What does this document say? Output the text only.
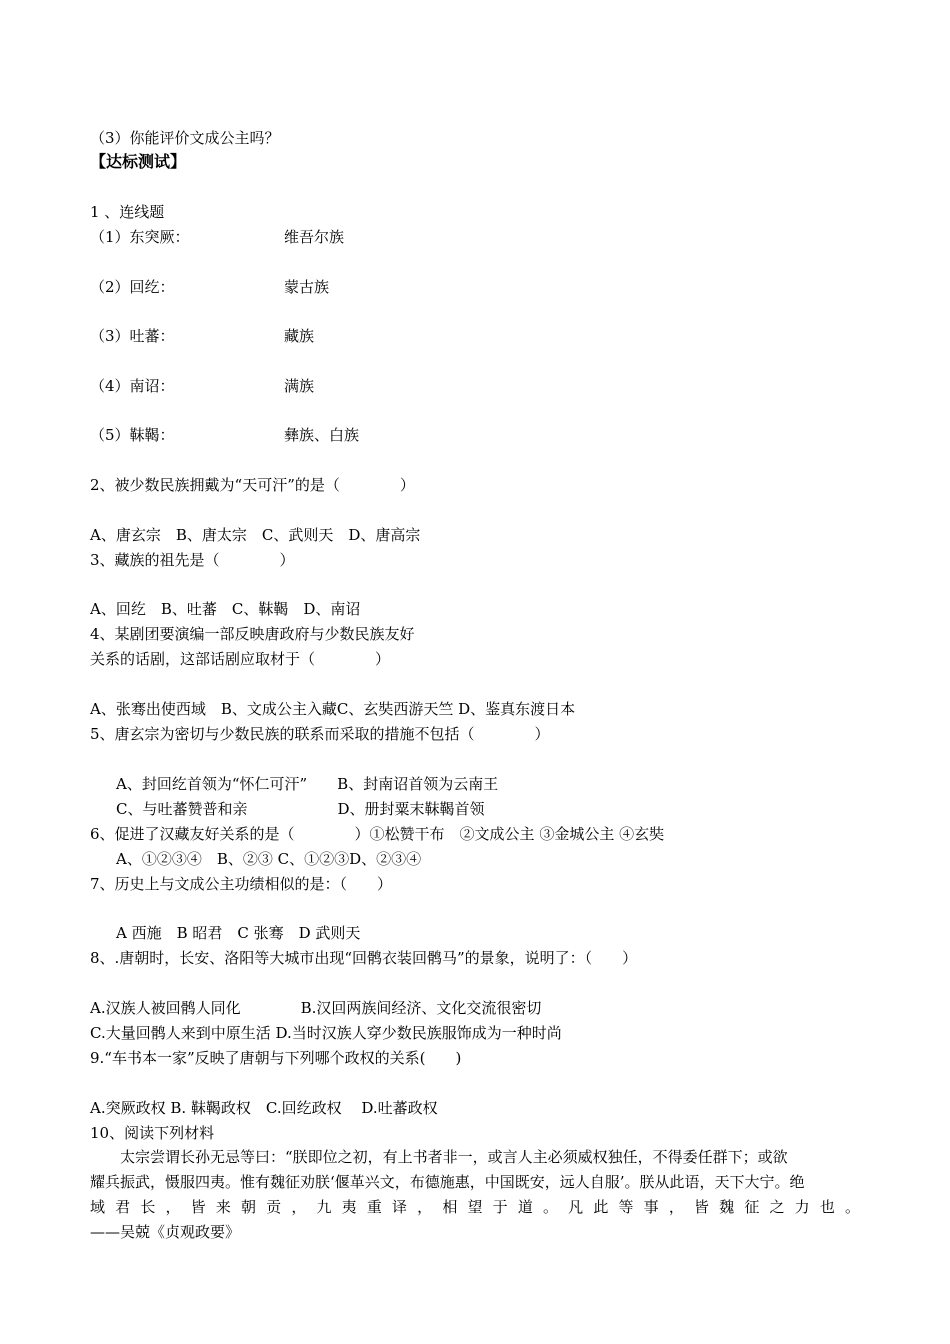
（3）你能评价文成公主吗？
【达标测试】
1 、连线题
（1）东突厥：	维吾尔族
（2）回纥：	蒙古族
（3）吐蕃：	藏族
（4）南诏：	满族
（5）靺鞨：	彝族、白族
2、被少数民族拥戴为“天可汗”的是（　　　　）
A、唐玄宗　B、唐太宗　C、武则天　D、唐高宗
3、藏族的祖先是（　　　　）
A、回纥　B、吐蕃　C、靺鞨　D、南诏
4、某剧团要演编一部反映唐政府与少数民族友好
关系的话剧，这部话剧应取材于（　　　　）
A、张骞出使西域　B、文成公主入藏C、玄奘西游天竺 D、鉴真东渡日本
5、唐玄宗为密切与少数民族的联系而采取的措施不包括（　　　　）
A、封回纥首领为“怀仁可汗”　　B、封南诏首领为云南王
C、与吐蕃赞普和亲　　　　　　D、册封粟末靺鞨首领
6、促进了汉藏友好关系的是（　　　　）①松赞干布　②文成公主 ③金城公主 ④玄奘
A、①②③④　B、②③ C、①②③D、②③④
7、历史上与文成公主功绩相似的是：（　　）
A 西施　B 昭君　C 张骞　D 武则天
8、.唐朝时，长安、洛阳等大城市出现“回鹘衣装回鹘马”的景象，说明了：（　　）
A.汉族人被回鹘人同化　　　　B.汉回两族间经济、文化交流很密切
C.大量回鹘人来到中原生活 D.当时汉族人穿少数民族服饰成为一种时尚
9.“车书本一家”反映了唐朝与下列哪个政权的关系(　　)
A.突厥政权 B. 靺鞨政权　C.回纥政权　 D.吐蕃政权
10、阅读下列材料
太宗尝谓长孙无忌等曰：“朕即位之初，有上书者非一，或言人主必须威权独任，不得委任群下；或欲
耀兵振武，慑服四夷。惟有魏征劝朕‘偃革兴文，布德施惠，中国既安，远人自服’。朕从此语，天下大宁。绝
域君长，皆来朝贡，九夷重译，相望于道。凡此等事，皆魏征之力也。
——吴兢《贞观政要》
